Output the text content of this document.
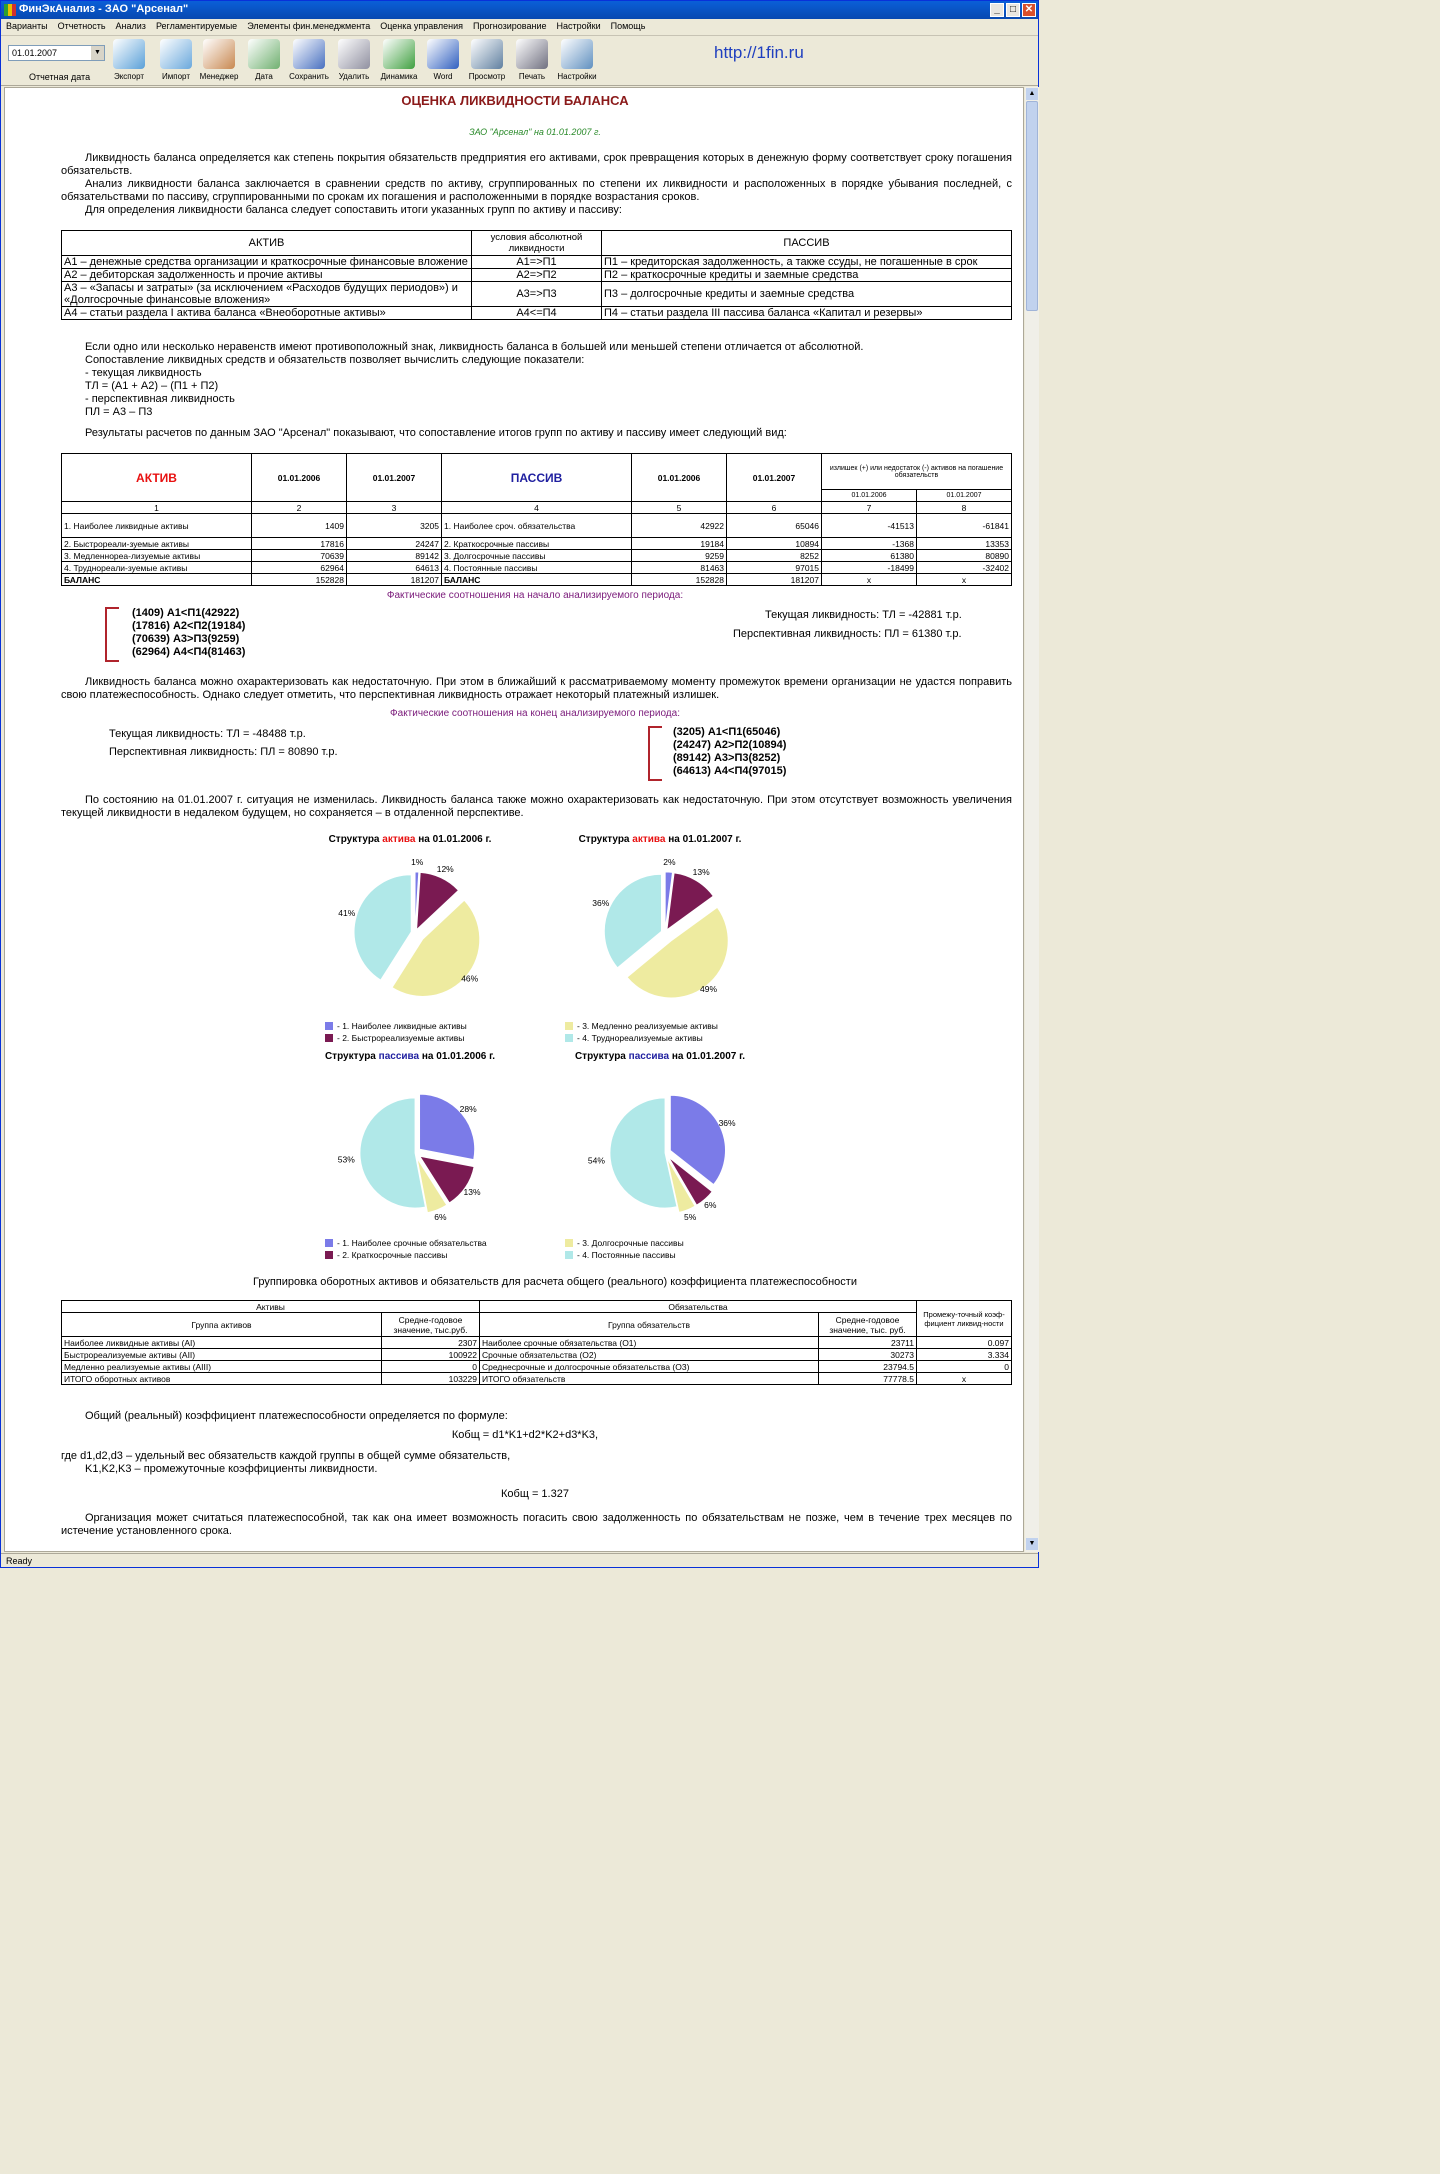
ФинЭкАнализ - ЗАО "Арсенал"	_	□ ✕
Варианты Отчетность Анализ Регламентируемые Элементы фин.менеджмента Оценка управления Прогнозирование Настройки Помощь
01.01.2007	▼
Отчетная дата	Экспорт	Импорт	Менеджер	Дата	Сохранить	Удалить	Динамика	Word	Просмотр	Печать	Настройки
http://1fin.ru
ОЦЕНКА ЛИКВИДНОСТИ БАЛАНСА
ЗАО "Арсенал" на 01.01.2007 г.
Ликвидность баланса определяется как степень покрытия обязательств предприятия его активами, срок превращения которых в денежную форму соответствует сроку погашения обязательств.
Анализ ликвидности баланса заключается в сравнении средств по активу, сгруппированных по степени их ликвидности и расположенных в порядке убывания последней, с обязательствами по пассиву, сгруппированными по срокам их погашения и расположенными в порядке возрастания сроков.
Для определения ликвидности баланса следует сопоставить итоги указанных групп по активу и пассиву:
АКТИВ	условия абсолютной ликвидности	ПАССИВ
А1 – денежные средства организации и краткосрочные финансовые вложение	А1=>П1	П1 – кредиторская задолженность, а также ссуды, не погашенные в срок
А2 – дебиторская задолженность и прочие активы	А2=>П2	П2 – краткосрочные кредиты и заемные средства
А3 – «Запасы и затраты» (за исключением «Расходов будущих периодов») и «Долгосрочные финансовые вложения»	А3=>П3	П3 – долгосрочные кредиты и заемные средства
А4 – статьи раздела I актива баланса «Внеоборотные активы»	А4<=П4	П4 – статьи раздела III пассива баланса «Капитал и резервы»
Если одно или несколько неравенств имеют противоположный знак, ликвидность баланса в большей или меньшей степени отличается от абсолютной.
Сопоставление ликвидных средств и обязательств позволяет вычислить следующие показатели:
- текущая ликвидность
ТЛ = (А1 + А2) – (П1 + П2)
- перспективная ликвидность
ПЛ = А3 – П3
Результаты расчетов по данным ЗАО "Арсенал" показывают, что сопоставление итогов групп по активу и пассиву имеет следующий вид:
АКТИВ	01.01.2006	01.01.2007	ПАССИВ	01.01.2006	01.01.2007	излишек (+) или недостаток (-) активов на погашение обязательств	
						01.01.2006	01.01.2007
1	2	3	4	5	6	7	8
1. Наиболее ликвидные активы	1409	3205	1. Наиболее сроч. обязательства	42922	65046	-41513	-61841
2. Быстрореали-зуемые активы	17816	24247	2. Краткосрочные пассивы	19184	10894	-1368	13353
3. Медленнореа-лизуемые активы	70639	89142	3. Долгосрочные пассивы	9259	8252	61380	80890
4. Труднореали-зуемые активы	62964	64613	4. Постоянные пассивы	81463	97015	-18499	-32402
БАЛАНС	152828	181207	БАЛАНС	152828	181207	x	x
Фактические соотношения на начало анализируемого периода:
(1409) А1<П1(42922)
(17816) А2<П2(19184)
(70639) А3>П3(9259)
(62964) А4<П4(81463)
Текущая ликвидность: ТЛ = -42881 т.р.
Перспективная ликвидность: ПЛ = 61380 т.р.
Ликвидность баланса можно охарактеризовать как недостаточную. При этом в ближайший к рассматриваемому моменту промежуток времени организации не удастся поправить свою платежеспособность. Однако следует отметить, что перспективная ликвидность отражает некоторый платежный излишек.
Фактические соотношения на конец анализируемого периода:
Текущая ликвидность: ТЛ = -48488 т.р.
Перспективная ликвидность: ПЛ = 80890 т.р.
(3205) А1<П1(65046)
(24247) А2>П2(10894)
(89142) А3>П3(8252)
(64613) А4<П4(97015)
По состоянию на 01.01.2007 г. ситуация не изменилась. Ликвидность баланса также можно охарактеризовать как недостаточную. При этом отсутствует возможность увеличения текущей ликвидности в недалеком будущем, но сохраняется – в отдаленной перспективе.
Структура актива на 01.01.2006 г.	Структура актива на 01.01.2007 г.
1%
12%
46%
41%
2%
13%
49%
36%
- 1. Наиболее ликвидные активы
- 2. Быстрореализуемые активы
- 3. Медленно реализуемые активы
- 4. Труднореализуемые активы
Структура пассива на 01.01.2006 г.	Структура пассива на 01.01.2007 г.
28%
13%
6%
53%
36%
6%
5%
54%
- 1. Наиболее срочные обязательства
- 2. Краткосрочные пассивы
- 3. Долгосрочные пассивы
- 4. Постоянные пассивы
Группировка оборотных активов и обязательств для расчета общего (реального) коэффициента платежеспособности
Активы		Обязательства		Промежу-точный коэф-фициент ликвид-ности
Группа активов	Средне-годовое значение, тыс.руб.	Группа обязательств	Средне-годовое значение, тыс. руб.	
Наиболее ликвидные активы (AI)	2307	Наиболее срочные обязательства (O1)	23711	0.097
Быстрореализуемые активы (AII)	100922	Срочные обязательства (O2)	30273	3.334
Медленно реализуемые активы (AIII)	0	Среднесрочные и долгосрочные обязательства (O3)	23794.5	0
ИТОГО оборотных активов	103229	ИТОГО обязательств	77778.5	x
Общий (реальный) коэффициент платежеспособности определяется по формуле:
Кобщ = d1*K1+d2*K2+d3*K3,
где d1,d2,d3 – удельный вес обязательств каждой группы в общей сумме обязательств,
K1,K2,K3 – промежуточные коэффициенты ликвидности.
Кобщ = 1.327
Организация может считаться платежеспособной, так как она имеет возможность погасить свою задолженность по обязательствам не позже, чем в течение трех месяцев по истечение установленного срока.
▲
▼
Ready
